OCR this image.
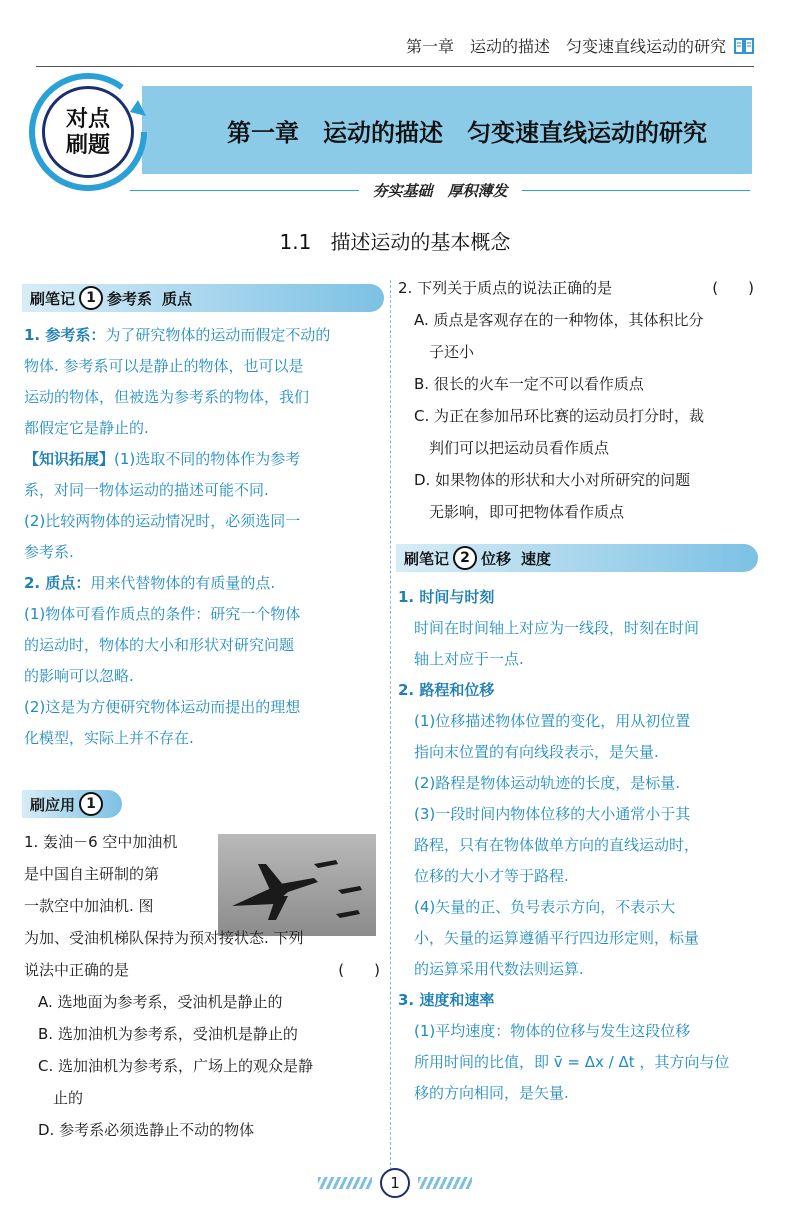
第一章　运动的描述　匀变速直线运动的研究
第一章　运动的描述　匀变速直线运动的研究
对点
刷题
夯实基础　厚积薄发
1.1 描述运动的基本概念
刷笔记 1 参考系 质点
1. 参考系：为了研究物体的运动而假定不动的
物体. 参考系可以是静止的物体，也可以是
运动的物体，但被选为参考系的物体，我们
都假定它是静止的.
【知识拓展】(1)选取不同的物体作为参考
系，对同一物体运动的描述可能不同.
(2)比较两物体的运动情况时，必须选同一
参考系.
2. 质点：用来代替物体的有质量的点.
(1)物体可看作质点的条件：研究一个物体
的运动时，物体的大小和形状对研究问题
的影响可以忽略.
(2)这是为方便研究物体运动而提出的理想
化模型，实际上并不存在.
刷应用 1
1. 轰油－6 空中加油机
是中国自主研制的第
一款空中加油机. 图
为加、受油机梯队保持为预对接状态. 下列
说法中正确的是	(　　)
A. 选地面为参考系，受油机是静止的
B. 选加油机为参考系，受油机是静止的
C. 选加油机为参考系，广场上的观众是静
　止的
D. 参考系必须选静止不动的物体
2. 下列关于质点的说法正确的是	(　　)
A. 质点是客观存在的一种物体，其体积比分
　子还小
B. 很长的火车一定不可以看作质点
C. 为正在参加吊环比赛的运动员打分时，裁
　判们可以把运动员看作质点
D. 如果物体的形状和大小对所研究的问题
　无影响，即可把物体看作质点
刷笔记 2 位移 速度
1. 时间与时刻
时间在时间轴上对应为一线段，时刻在时间
轴上对应于一点.
2. 路程和位移
(1)位移描述物体位置的变化，用从初位置
指向末位置的有向线段表示，是矢量.
(2)路程是物体运动轨迹的长度，是标量.
(3)一段时间内物体位移的大小通常小于其
路程，只有在物体做单方向的直线运动时，
位移的大小才等于路程.
(4)矢量的正、负号表示方向，不表示大
小，矢量的运算遵循平行四边形定则，标量
的运算采用代数法则运算.
3. 速度和速率
(1)平均速度：物体的位移与发生这段位移
所用时间的比值，即 v̄ = Δx / Δt ，其方向与位
移的方向相同，是矢量.
1
